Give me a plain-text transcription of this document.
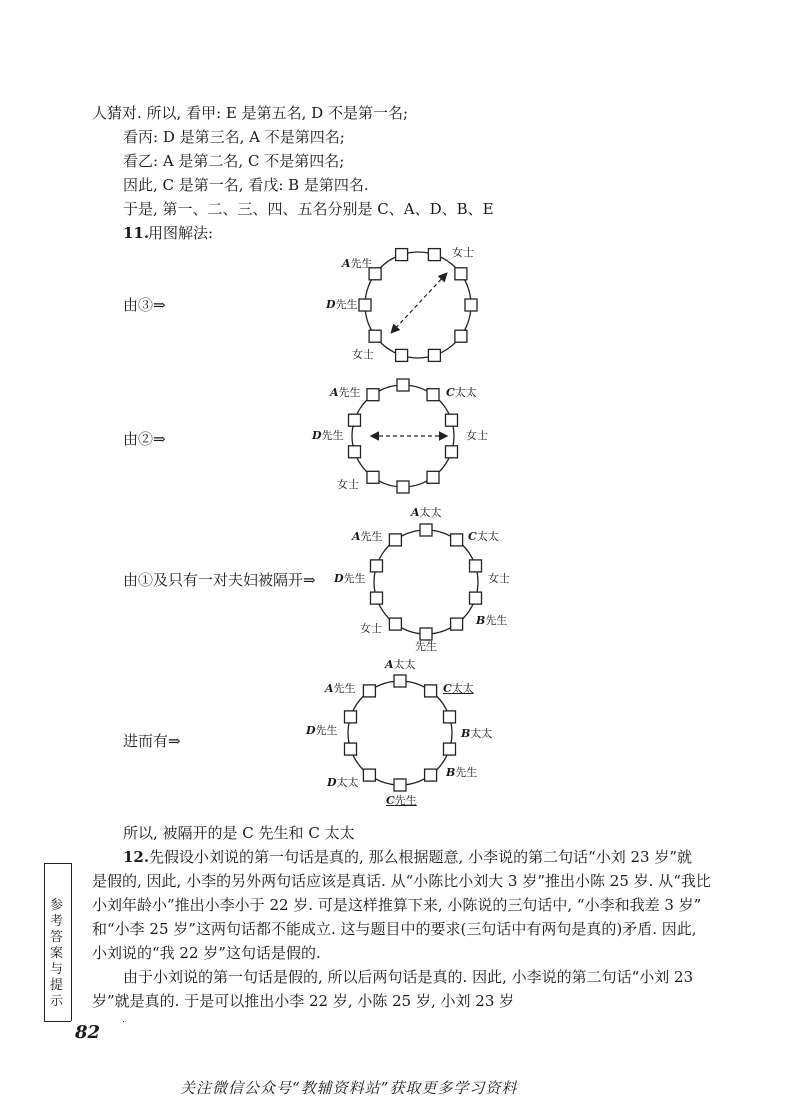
人猜对. 所以, 看甲: E 是第五名, D 不是第一名;
看丙: D 是第三名, A 不是第四名;
看乙: A 是第二名, C 不是第四名;
因此, C 是第一名, 看戊: B 是第四名.
于是, 第一、二、三、四、五名分别是 C、A、D、B、E
11.
用图解法:
由③⇒
由②⇒
由①及只有一对夫妇被隔开⇒
进而有⇒
A先生
女士
D先生
女士
A先生	C太太
D先生	女士
女士
A太太
A先生	C太太
D先生	女士
女士
B先生
先生
A太太
A先生	C太太
D先生	B太太
B先生
D太太
C先生
所以, 被隔开的是 C 先生和 C 太太
12. 先假设小刘说的第一句话是真的, 那么根据题意, 小李说的第二句话“小刘 23 岁”就
是假的, 因此, 小李的另外两句话应该是真话. 从“小陈比小刘大 3 岁”推出小陈 25 岁. 从“我比
小刘年龄小”推出小李小于 22 岁. 可是这样推算下来, 小陈说的三句话中, “小李和我差 3 岁”
和“小李 25 岁”这两句话都不能成立. 这与题目中的要求(三句话中有两句是真的)矛盾. 因此,
小刘说的“我 22 岁”这句话是假的.
由于小刘说的第一句话是假的, 所以后两句话是真的. 因此, 小李说的第二句话“小刘 23
岁”就是真的. 于是可以推出小李 22 岁, 小陈 25 岁, 小刘 23 岁
参考答案与提示
82
关注微信公众号“教辅资料站”获取更多学习资料
